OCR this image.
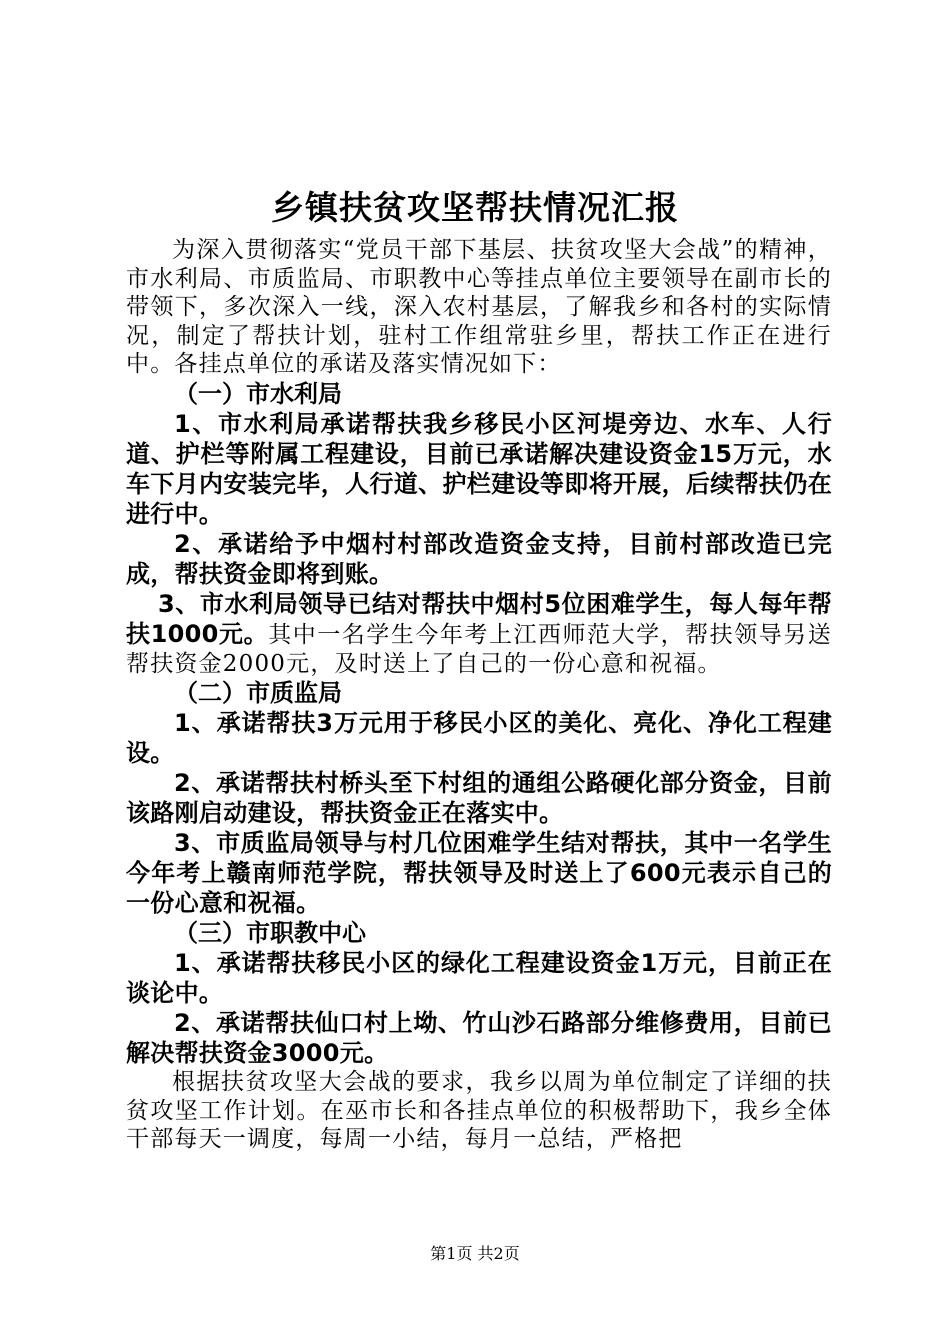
乡镇扶贫攻坚帮扶情况汇报

为深入贯彻落实“党员干部下基层、扶贫攻坚大会战”的精神，市水利局、市质监局、市职教中心等挂点单位主要领导在副市长的带领下，多次深入一线，深入农村基层，了解我乡和各村的实际情况，制定了帮扶计划，驻村工作组常驻乡里，帮扶工作正在进行中。各挂点单位的承诺及落实情况如下：

（一）市水利局

1、市水利局承诺帮扶我乡移民小区河堤旁边、水车、人行道、护栏等附属工程建设，目前已承诺解决建设资金15万元，水车下月内安装完毕，人行道、护栏建设等即将开展，后续帮扶仍在进行中。

2、承诺给予中烟村村部改造资金支持，目前村部改造已完成，帮扶资金即将到账。

3、市水利局领导已结对帮扶中烟村5位困难学生，每人每年帮扶1000元。其中一名学生今年考上江西师范大学，帮扶领导另送帮扶资金2000元，及时送上了自己的一份心意和祝福。

（二）市质监局

1、承诺帮扶3万元用于移民小区的美化、亮化、净化工程建设。

2、承诺帮扶村桥头至下村组的通组公路硬化部分资金，目前该路刚启动建设，帮扶资金正在落实中。

3、市质监局领导与村几位困难学生结对帮扶，其中一名学生今年考上赣南师范学院，帮扶领导及时送上了600元表示自己的一份心意和祝福。

（三）市职教中心

1、承诺帮扶移民小区的绿化工程建设资金1万元，目前正在谈论中。

2、承诺帮扶仙口村上坳、竹山沙石路部分维修费用，目前已解决帮扶资金3000元。

根据扶贫攻坚大会战的要求，我乡以周为单位制定了详细的扶贫攻坚工作计划。在巫市长和各挂点单位的积极帮助下，我乡全体干部每天一调度，每周一小结，每月一总结，严格把

第1页 共2页
